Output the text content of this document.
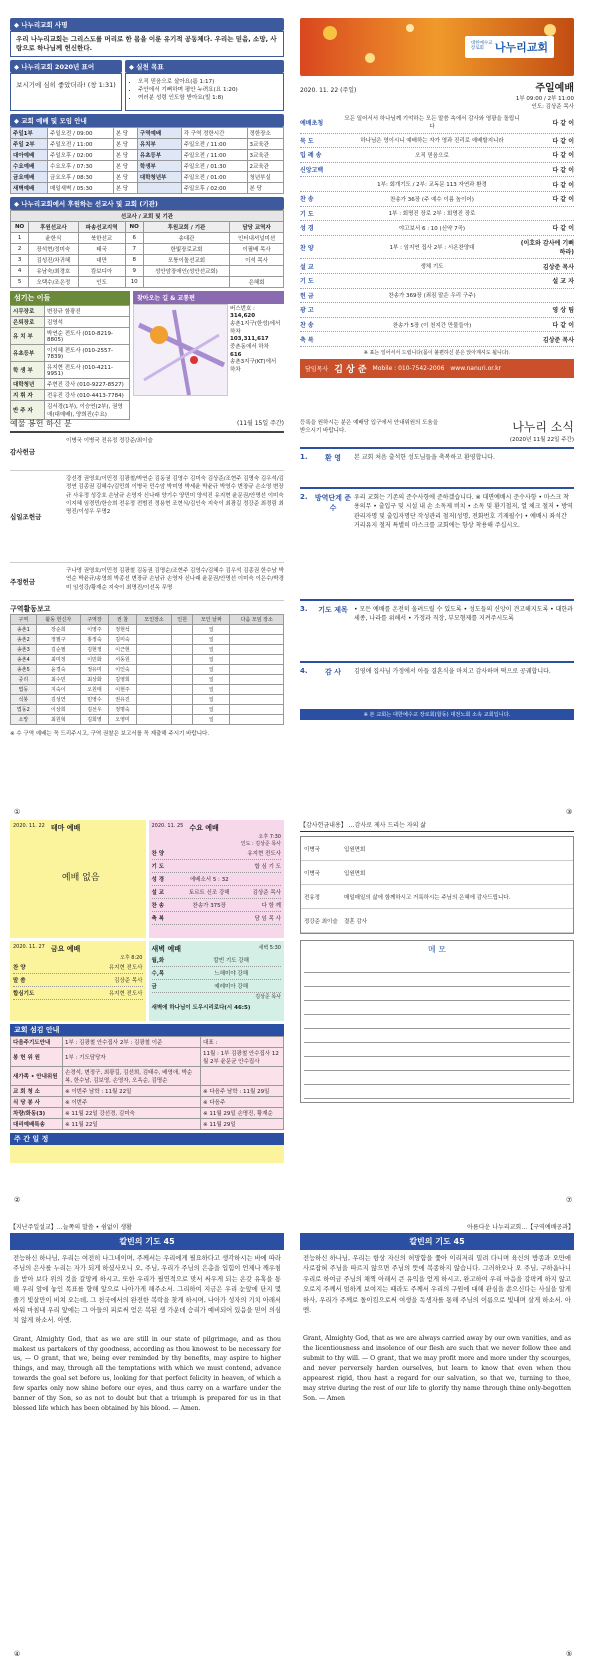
◆ 나누리교회 사명
우리 나누리교회는 그리스도를 머리로 한 몸을 이룬 유기적 공동체다. 우리는 믿음, 소망, 사랑으로 하나님께 헌신한다.
◆ 나누리교회 2020년 표어
보시기에 심히 좋았더라! (창 1:31)
◆ 실천 목표
• 오직 믿음으로 살아요(롬 1:17)
• 주안에서 기뻐하며 평안 누려요(요 1:20)
• 여러분 성령 인도함 받아요(빌 1:8)
◆ 교회 예배 및 모임 안내
주일1부	주일오전 / 09:00	본 당	구역예배	각 구역 정한시간	정한장소
주일 2부	주일오전 / 11:00	본 당	유치부	주일오전 / 11:00	3교육관
대아예배	주일오후 / 02:00	본 당	유초등부	주일오전 / 11:00	3교육관
수요예배	수요오후 / 07:30	본 당	학생부	주일오전 / 01:30	2교육관
금요예배	금요오후 / 08:30	본 당	대학청년부	주일오전 / 01:00	청년부실
새벽예배	매일새벽 / 05:30	본 당		주일오후 / 02:00	본 당
◆ 나누리교회에서 후원하는 선교사 및 교회 (기관)
선교사 / 교회 및 기관					
NO	후원선교사	파송선교지역	NO	후원교회 / 기관	담당 교역자
1	윤한식	북한선교	6	송대관	인터내셔널미션
2	장석현/정미숙	태국	7	한빛장로교회	이필배 목사
3	김성진/차귀혜	대만	8	모퉁이돌선교회	이석 목사
4	유남숙/최경호	캄보디아	9	성안암장애인(성안선교회)	
5	오택수/조은정	인도	10		은혜회
섬기는 이들
시무장로	변장규 함광진
은퇴장로	김영석
유 치 부	박연순 전도사 (010-8219-8805)
유초등부	이지혜 전도사 (010-2557-7839)
학 생 부	유지현 전도사 (010-4211-9951)
대학청년	주현진 강사 (010-9227-8527)
지 휘 자	전유진 강사 (010-4413-7784)
반 주 자	김서경(1부), 이승연(2부), 권영애(대예배), 양희진(수요)
찾아오는 길 & 교통편
버스번호 :
314,620
송촌1지구(한성)에서 하차
103,311,617
중촌동에서 하차
616
송촌3지구(KT)에서 하차
대한예수교 장로회 나누리교회
2020. 11. 22 (주일)	주일예배
1부 09:00 / 2부 11:00
인도: 김상준 목사
예배초청
모든 일어서서 하나님께 기억하는 모든 말씀 속에서 감사와 영광을 돌립니다
다 같 이
묵 도	하나님은 영이시니 예배하는 자가 영과 진리로 예배할지니라	다 같 이
입 례 송	오직 믿음으로	다 같 이
신앙고백	다 같 이
1부: 회개기도 / 2부: 교독문 113 자연과 환경	다 같 이
찬 송	찬송가 36장 (주 예수 이름 높이어)	다 같 이
기 도	1부 : 회명진 장로 2부 : 회명진 장로
성 경	야고보서 6 : 10 (신약 7곡)	다 같 이
찬 양	1부 : 임지연 집사 2부 : 시온찬양대
(이호와 감사에 기뻐하라)
설 교	생체 기도	김상준 목사
기 도	설 교 자
헌 금	찬송가 369장 (죄짐 맡은 우리 구주)
광 고	영 상 팀
찬 송	찬송가 5장 (이 천지간 만물들아)	다 같 이
축 복	김상준 목사
※ 표는 일어서서 드립니다(몸이 불편하신 분은 앉아계셔도 됩니다).
담임목사 김 상 준 Mobile : 010-7542-2006 www.nanuri.or.kr
예물 봉헌 하신 분	(11월 15일 주간)
감사헌금
이병국 이병국 전유정 정강준/최이슬
십일조헌금
강선경 권영호/이민정 김광철/박연순 김동권 김영수 김미숙 김상준/조현주 김명숙 김우석/김정연 김종권 김혜수/김민희 이병국 민수암 박미영 박세윤 박윤규 박영수 변장규 손소영 변장규 사유정 성강호 손남규 손영자 신나래 양기수 양민미 양석진 유지현 윤문권/안명선 이미숙 이지혜 임경민/한승희 전유정 전범진 정용현 조현식/김인숙 지숙이 최광길 정강준 최경림 최명진/이성우 무명2
주정헌금
구나영 권영호/이민정 김광철 김동권 김명순/조현주 김영수/김혜수 김우석 김종권 한수남 박연순 박윤규/송영희 박종선 변장규 손남규 손영자 신나래 윤문권/안명선 이미숙 이은수/박경미 임성강/황재순 지숙이 최명진/이선옥 무명
구역활동보고
구역	활동 헌신자	구역장	권 찰	모인장소	인원	모인 날짜	다음 모임 장소
송촌1	장순희	이영주	정현석			일	
송촌2	정필구	홍정숙	김미숙			일	
송촌3	김순필	김현정	이근현			일	
송촌4	최미정	이민화	서동원			일	
송촌5	윤경숙	정유미	이인숙			일	
중리	최수민	최상화	김영희			일	
법동	지숙이	오원태	이현주			일	
석봉	김성연	민영수	권유진			일	
법동2	이상희	김선우	정명숙			일	
소망	최원혁	김희영	오영미			일	
※ 수 구역 예배는 꼭 드리주시고, 구역 권찰은 보고서를 꼭 제출해 주시기 바랍니다.
등록을 원하시는 분은 예배당 입구에서 안내위원의 도움을 받으시기 바랍니다.	나누리 소식
(2020년 11월 22일 주간)
1.	환 영	본 교회 처음 출석한 성도님들을 축복하고 환영합니다.
2.	방역단계 준수
우리 교회는 기존의 준수사항에 준하겠습니다. ※ 대면예배시 준수사항 • 마스크 착용의무 • 출입구 및 시설 내 손 소독제 비치 • 소독 및 환기철저, 열 체크 철저 • 방역관리자명 및 출입자명단 작성관리 철저(성명, 전화번호 기재필수) • 예배시 좌석간 거리유지 철저 특별히 마스크를 교회에는 항상 착용해 주십시오.
3.	기도 제목	• 모든 예배를 온전히 올려드릴 수 있도록 • 성도들의 신앙이 견고해지도록 • 대한과 세종, 나라를 위해서 • 가정과 직장, 부모형제를 지켜주시도록
4.	감 사	김영애 집사님 가정에서 아들 결혼식을 마치고 감사하며 떡으로 공궤합니다.
※ 본 교회는 대한예수교 장로회(합동) 대전노회 소속 교회입니다.
2020. 11. 22 테마 예배
예배 없음
2020. 11. 25 수요 예배
오후 7:30
인도 : 김상준 목사
찬 양	유지현 전도사
기 도	합 심 기 도
성 경	에베소서 5 : 32
설 교	토르트 신조 강해	김상준 목사
찬 송	찬송가 375장	다 함 께
축 복	담 임 목 사
2020. 11. 27 금요 예배
오후 8:20
찬 양	유지현 전도사
말 씀	김상준 목사
합심기도	유지현 전도사
새벽 예배	새벽 5:30
월,화	칼빈 기도 강해
수,목	느헤미야 강해
금	예레미아 강해
김상준 목사
새벽에 하나님이 도우시리로다(시 46:5)
교회 섬김 안내
다음주기도안내	1부 : 김광철 안수집사 2부 : 김광철 이준	대표 :
봉 헌 위 원	1부 : 기도담당자	11월 : 1부 김광철 안수집사 12월 2부 윤문균 안수집사
새가족 • 안내위원	손경석, 변정구, 최광길, 김선희, 김태수, 배영애, 박순복, 한수남, 김보영, 손영자, 오옥순, 김명순	
교 회 청 소	※ 이번주 남학 : 11월 22일	※ 다음주 남학 : 11월 29일
식 당 봉 사	※ 이번주	※ 다음주
차량/화동(3)	※ 11월 22일 강선경, 김미숙	※ 11월 29일 손명진, 황재순
대리예배특송	※ 11월 22일	※ 11월 29일
주 간 일 정
【감사헌금내용】 …감사로 제사 드리는 자의 삶
이병국	입원면회
이병국	입원면회
전유정	매일매일의 삶에 함께하시고 거룩하시는 주님의 은혜에 감사드립니다.
정강준 최이슬	결혼 감사
메 모
【지난주일설교】…늘쪽의 말씀 • 쉼없이 생활
칼빈의 기도 45
전능하신 하나님, 우리는 여전히 나그네이며, 주께서는 우리에게 필요하다고 생각하시는 바에 따라 주님의 은사를 누리는 자가 되게 하셨사오니 오, 주님, 우리가 주님의 은총을 입힘이 언제나 깨우침을 받아 보다 위의 것을 갈망케 하시고, 또한 우리가 필연적으로 맞서 싸우게 되는 온갖 유혹을 통해 우리 앞에 놓인 목표를 향해 앞으로 나아가게 해주소서. 그리하여 지금은 우리 눈앞에 단지 몇 줄기 빛살만이 비쳐 오는데, 그 천국에서의 완전한 복락을 찾게 하시며, 나아가 성자의 기치 아래서 싸워 마침내 우리 앞에는 그 아들의 피로써 얻은 복된 생 가운데 승리가 예비되어 있음을 믿어 의심치 않게 하소서. 아멘.
Grant, Almighty God, that as we are still in our state of pilgrimage, and as thou makest us partakers of thy goodness, according as thou knowest to be necessary for us, — O grant, that we, being ever reminded by thy benefits, may aspire to higher things, and may, through all the temptations with which we must contend, advance towards the goal set before us, looking for that perfect felicity in heaven, of which a few sparks only now shine before our eyes, and thus carry on a warfare under the banner of thy Son, so as not to doubt but that a triumph is prepared for us in that blessed life which has been obtained by his blood. — Amen.
아름다운 나누리교회…【구역예배공과】
칼빈의 기도 45
전능하신 하나님, 우리는 항상 자신의 허망함을 쫓아 이리저리 밀려 다니며 육신의 방종과 오만에 사로잡혀 주님을 따르지 않으면 주님의 뜻에 복종하지 않습니다. 그러하오나 오 주님, 구하옵나니 우리로 하여금 주님의 채찍 아래서 큰 유익을 얻게 하시고, 완고하여 우리 마음을 강팍케 하지 않고 오로지 주께서 엄하게 보여지는 때라도 주께서 우리의 구원에 대해 관심을 쏟으신다는 사실을 알게 하사, 우리가 주께로 돌이킴으로써 여생을 독생자를 통해 주님의 이름으로 빛내며 살게 하소서. 아멘.
Grant, Almighty God, that as we are always carried away by our own vanities, and as the licentiousness and insolence of our flesh are such that we never follow thee and submit to thy will. — O grant, that we may profit more and more under thy scourges, and never perversely harden ourselves, but learn to know that even when thou appearest rigid, thou hast a regard for our salvation, so that we, turning to thee, may strive during the rest of our life to glorify thy name through thine only-begotten Son. — Amen
①	③
②	⑦
④	⑤
